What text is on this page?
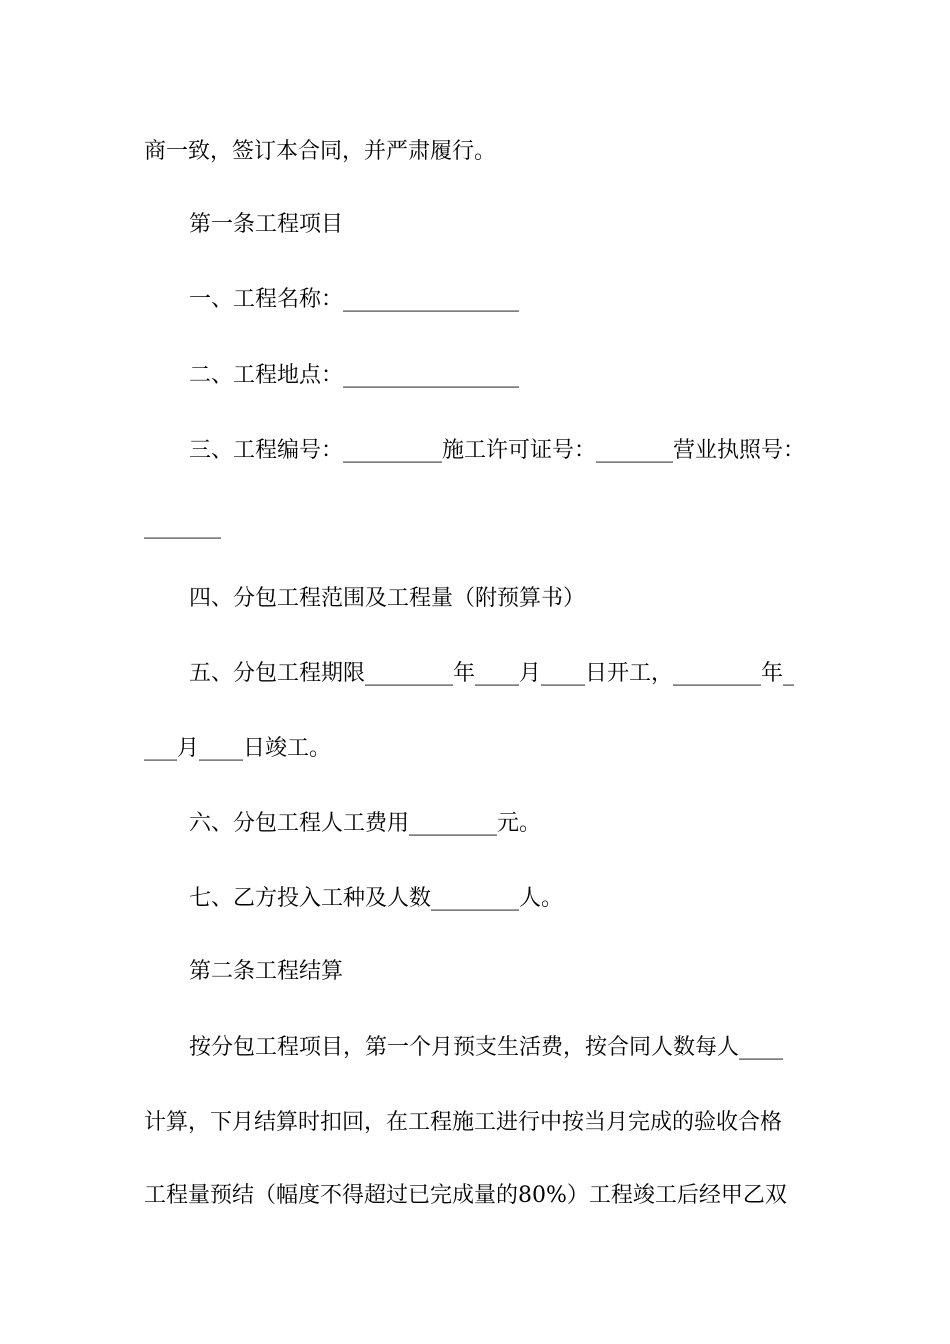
商一致，签订本合同，并严肃履行。
第一条工程项目
一、工程名称：________________
二、工程地点：________________
三、工程编号：_________施工许可证号：_______营业执照号：
_______
四、分包工程范围及工程量（附预算书）
五、分包工程期限________年____月____日开工，________年_
___月____日竣工。
六、分包工程人工费用________元。
七、乙方投入工种及人数________人。
第二条工程结算
按分包工程项目，第一个月预支生活费，按合同人数每人____
计算，下月结算时扣回，在工程施工进行中按当月完成的验收合格
工程量预结（幅度不得超过已完成量的80%）工程竣工后经甲乙双
